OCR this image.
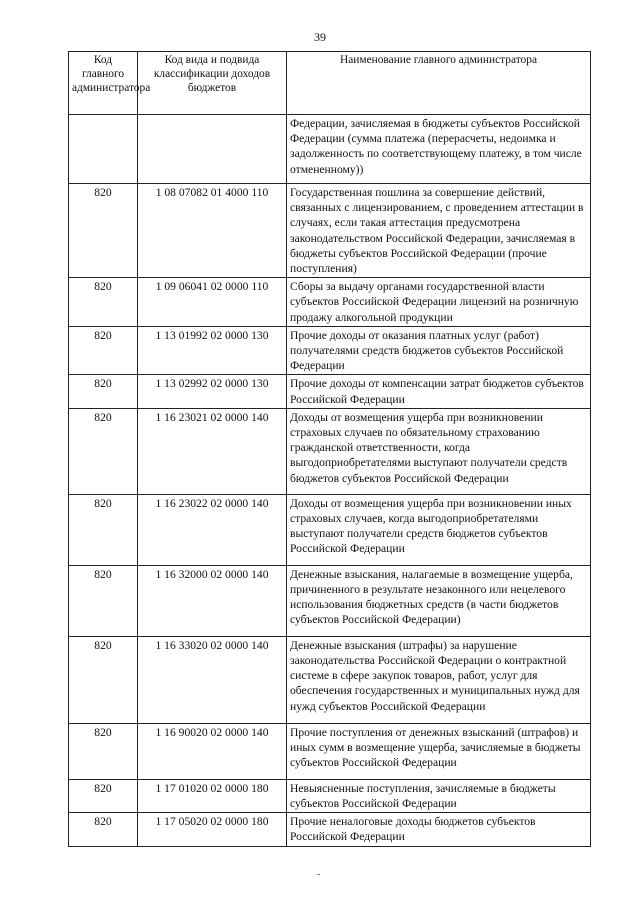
39
Код главного администратора	Код вида и подвида классификации доходов бюджетов	Наименование главного администратора
		Федерации, зачисляемая в бюджеты субъектов Российской Федерации (сумма платежа (перерасчеты, недоимка и задолженность по соответствующему платежу, в том числе отмененному))
820	1 08 07082 01 4000 110	Государственная пошлина за совершение действий, связанных с лицензированием, с проведением аттестации в случаях, если такая аттестация предусмотрена законодательством Российской Федерации, зачисляемая в бюджеты субъектов Российской Федерации (прочие поступления)
820	1 09 06041 02 0000 110	Сборы за выдачу органами государственной власти субъектов Российской Федерации лицензий на розничную продажу алкогольной продукции
820	1 13 01992 02 0000 130	Прочие доходы от оказания платных услуг (работ) получателями средств бюджетов субъектов Российской Федерации
820	1 13 02992 02 0000 130	Прочие доходы от компенсации затрат бюджетов субъектов Российской Федерации
820	1 16 23021 02 0000 140	Доходы от возмещения ущерба при возникновении страховых случаев по обязательному страхованию гражданской ответственности, когда выгодоприобретателями выступают получатели средств бюджетов субъектов Российской Федерации
820	1 16 23022 02 0000 140	Доходы от возмещения ущерба при возникновении иных страховых случаев, когда выгодоприобретателями выступают получатели средств бюджетов субъектов Российской Федерации
820	1 16 32000 02 0000 140	Денежные взыскания, налагаемые в возмещение ущерба, причиненного в результате незаконного или нецелевого использования бюджетных средств (в части бюджетов субъектов Российской Федерации)
820	1 16 33020 02 0000 140	Денежные взыскания (штрафы) за нарушение законодательства Российской Федерации о контрактной системе в сфере закупок товаров, работ, услуг для обеспечения государственных и муниципальных нужд для нужд субъектов Российской Федерации
820	1 16 90020 02 0000 140	Прочие поступления от денежных взысканий (штрафов) и иных сумм в возмещение ущерба, зачисляемые в бюджеты субъектов Российской Федерации
820	1 17 01020 02 0000 180	Невыясненные поступления, зачисляемые в бюджеты субъектов Российской Федерации
820	1 17 05020 02 0000 180	Прочие неналоговые доходы бюджетов субъектов Российской Федерации
